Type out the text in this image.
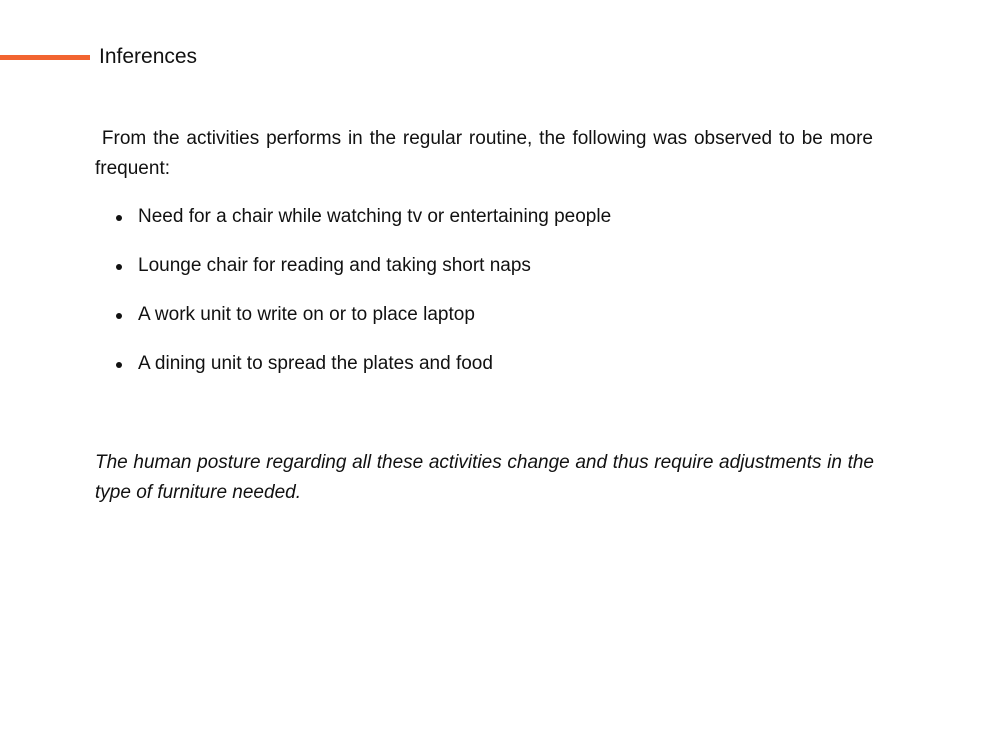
Inferences

From the activities performs in the regular routine, the following was observed to be more frequent:

Need for a chair while watching tv or entertaining people
Lounge chair for reading and taking short naps
A work unit to write on or to place laptop
A dining unit to spread the plates and food

The human posture regarding all these activities change and thus require adjustments in the type of furniture needed.
